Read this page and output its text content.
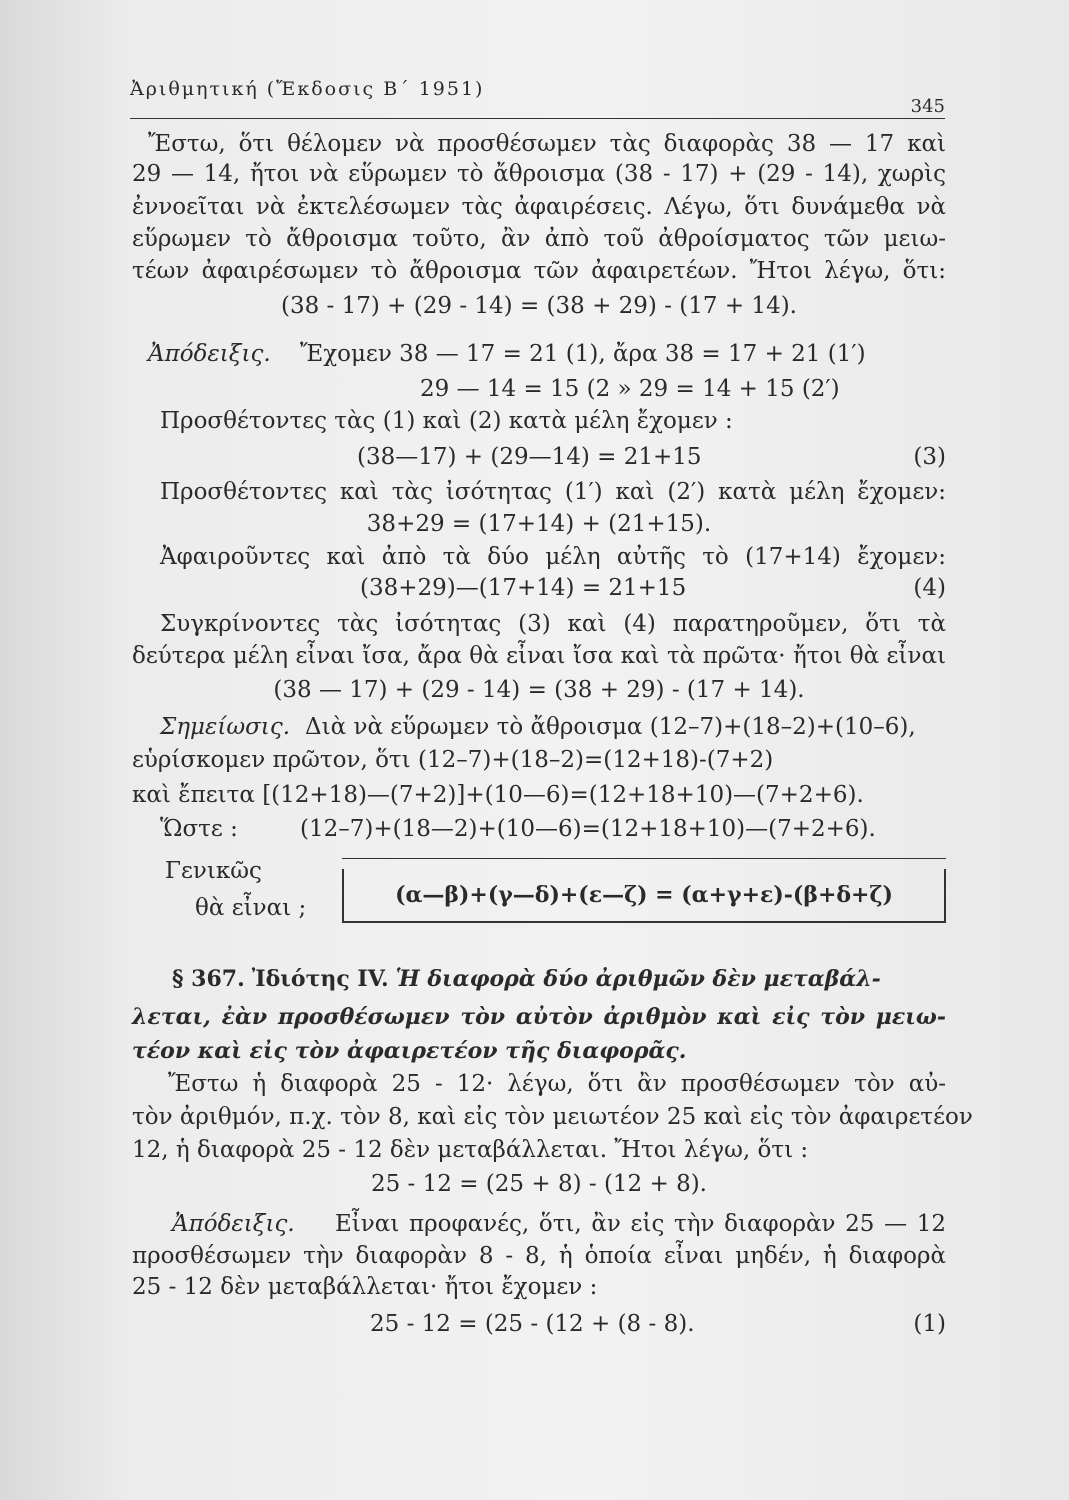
Ἀριθμητική (Ἔκδοσις Β΄ 1951)
345
Ἔστω, ὅτι θέλομεν νὰ προσθέσωμεν τὰς διαφορὰς 38 — 17 καὶ
29 — 14, ἤτοι νὰ εὕρωμεν τὸ ἄθροισμα (38 - 17) + (29 - 14), χωρὶς
ἐννοεῖται νὰ ἐκτελέσωμεν τὰς ἀφαιρέσεις. Λέγω, ὅτι δυνάμεθα νὰ
εὕρωμεν τὸ ἄθροισμα τοῦτο, ἂν ἀπὸ τοῦ ἀθροίσματος τῶν μειω-
τέων ἀφαιρέσωμεν τὸ ἄθροισμα τῶν ἀφαιρετέων. Ἤτοι λέγω, ὅτι:
(38 - 17) + (29 - 14) = (38 + 29) - (17 + 14).
Ἀπόδειξις. Ἔχομεν 38 — 17 = 21 (1), ἄρα 38 = 17 + 21 (1′)
29 — 14 = 15 (2 » 29 = 14 + 15 (2′)
Προσθέτοντες τὰς (1) καὶ (2) κατὰ μέλη ἔχομεν :
(38—17) + (29—14) = 21+15	(3)
Προσθέτοντες καὶ τὰς ἰσότητας (1′) καὶ (2′) κατὰ μέλη ἔχομεν:
38+29 = (17+14) + (21+15).
Ἀφαιροῦντες καὶ ἀπὸ τὰ δύο μέλη αὐτῆς τὸ (17+14) ἔχομεν:
(38+29)—(17+14) = 21+15	(4)
Συγκρίνοντες τὰς ἰσότητας (3) καὶ (4) παρατηροῦμεν, ὅτι τὰ
δεύτερα μέλη εἶναι ἴσα, ἄρα θὰ εἶναι ἴσα καὶ τὰ πρῶτα· ἤτοι θὰ εἶναι
(38 — 17) + (29 - 14) = (38 + 29) - (17 + 14).
Σημείωσις. Διὰ νὰ εὕρωμεν τὸ ἄθροισμα (12–7)+(18–2)+(10–6),
εὑρίσκομεν πρῶτον, ὅτι (12–7)+(18–2)=(12+18)-(7+2)
καὶ ἔπειτα [(12+18)—(7+2)]+(10—6)=(12+18+10)—(7+2+6).
Ὥστε :	(12–7)+(18—2)+(10—6)=(12+18+10)—(7+2+6).
Γενικῶς
θὰ εἶναι ;	(α—β)+(γ—δ)+(ε—ζ) = (α+γ+ε)-(β+δ+ζ)
§ 367. Ἰδιότης IV. Ἡ διαφορὰ δύο ἀριθμῶν δὲν μεταβάλ-
λεται, ἐὰν προσθέσωμεν τὸν αὐτὸν ἀριθμὸν καὶ εἰς τὸν μειω-
τέον καὶ εἰς τὸν ἀφαιρετέον τῆς διαφορᾶς.
Ἔστω ἡ διαφορὰ 25 - 12· λέγω, ὅτι ἂν προσθέσωμεν τὸν αὐ-
τὸν ἀριθμόν, π.χ. τὸν 8, καὶ εἰς τὸν μειωτέον 25 καὶ εἰς τὸν ἀφαιρετέον
12, ἡ διαφορὰ 25 - 12 δὲν μεταβάλλεται. Ἤτοι λέγω, ὅτι :
25 - 12 = (25 + 8) - (12 + 8).
Ἀπόδειξις. Εἶναι προφανές, ὅτι, ἂν εἰς τὴν διαφορὰν 25 — 12
προσθέσωμεν τὴν διαφορὰν 8 - 8, ἡ ὁποία εἶναι μηδέν, ἡ διαφορὰ
25 - 12 δὲν μεταβάλλεται· ἤτοι ἔχομεν :
25 - 12 = (25 - (12 + (8 - 8).	(1)
